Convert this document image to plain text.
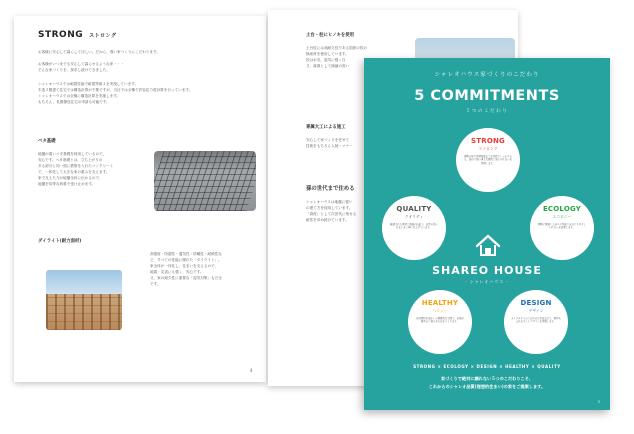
STRONG ストロング
お客様に安心して暮らしてほしい。だから、強い家づくりにこだわります。
お客様がいつまでも安心して暮らせるような家・・・
そんな家づくりを、探求し続けてきました。
シャレオハウスでは耐震性能で耐震等級３を実現しています。
木造２階建て住宅では構造計算が不要ですが、当社では全棟で許容応力度計算を行っています。
シャレオハウスでは全棟に構造計算を実施します。
もちろん、長期優良住宅の申請も可能です。
ベタ基礎
地盤が弱いベタ基礎を採用しているので、
安心です。ベタ基礎とは、立ち上がりの
ある部分と同一面に鉄筋を入れたコンクリート
で、一体化して大きな家の重みを支えます。
家で支えた力が地盤全体に伝わるので、
地盤を均等な荷重で受け止めます。
ダイライト(耐力面材)
高強度・防腐性・通気性・防蟻性・耐候性な
ど、すべての性能に優れた「ダイライト」。
家全体が一体化し、住まいを支えるので、
地震・災害にも強く、安心です。
又、家の耐久性に重要な「湿気対策」も万全
です。
4
土台・柱にヒノキを使用
土台柱には高耐久性である国産の桧の
無垢材を使用しています。
桧は水気、湿気に強く白
又、資源として価値の高い
専属大工による施工
安心して家づくりを任せて
技術をもちろん人柄・マナー
孫の世代まで住める
シャレオハウスは地盤に強い
の建て方を採用しています。
「資産」として次世代に残せる
耐性を求め続けています。
シャレオハウス家づくりのこだわり
5 COMMITMENTS
５つのこだわり
STRONG
ストロング
建物の地下深層地盤までを基礎にしっかり支え、揺れに強い頑丈な構造で安心の住まいを実現します。
QUALITY
クオリティ
厳選された素材と熟練の技術で、品質の高い住まいを丁寧に仕上げています。
ECOLOGY
エコロジー
環境に配慮した省エネ性能で家計にもやさしい住まいを提案します。
HEALTHY
ヘルシー
自然素材を活かした健康的な空間で、家族が健やかに暮らせる家をつくります。
DESIGN
デザイン
ライフスタイルに合わせた自由設計で、個性あふれる美しいデザインを実現します。
SHAREO HOUSE
- シャレオハウス -
STRONG × ECOLOGY × DESIGN × HEALTHY × QUALITY
家づくりで絶対に譲れない５つのこだわりこそ、
これからのシャレオ品質(理想的住まい)の家をご提案します。
5
